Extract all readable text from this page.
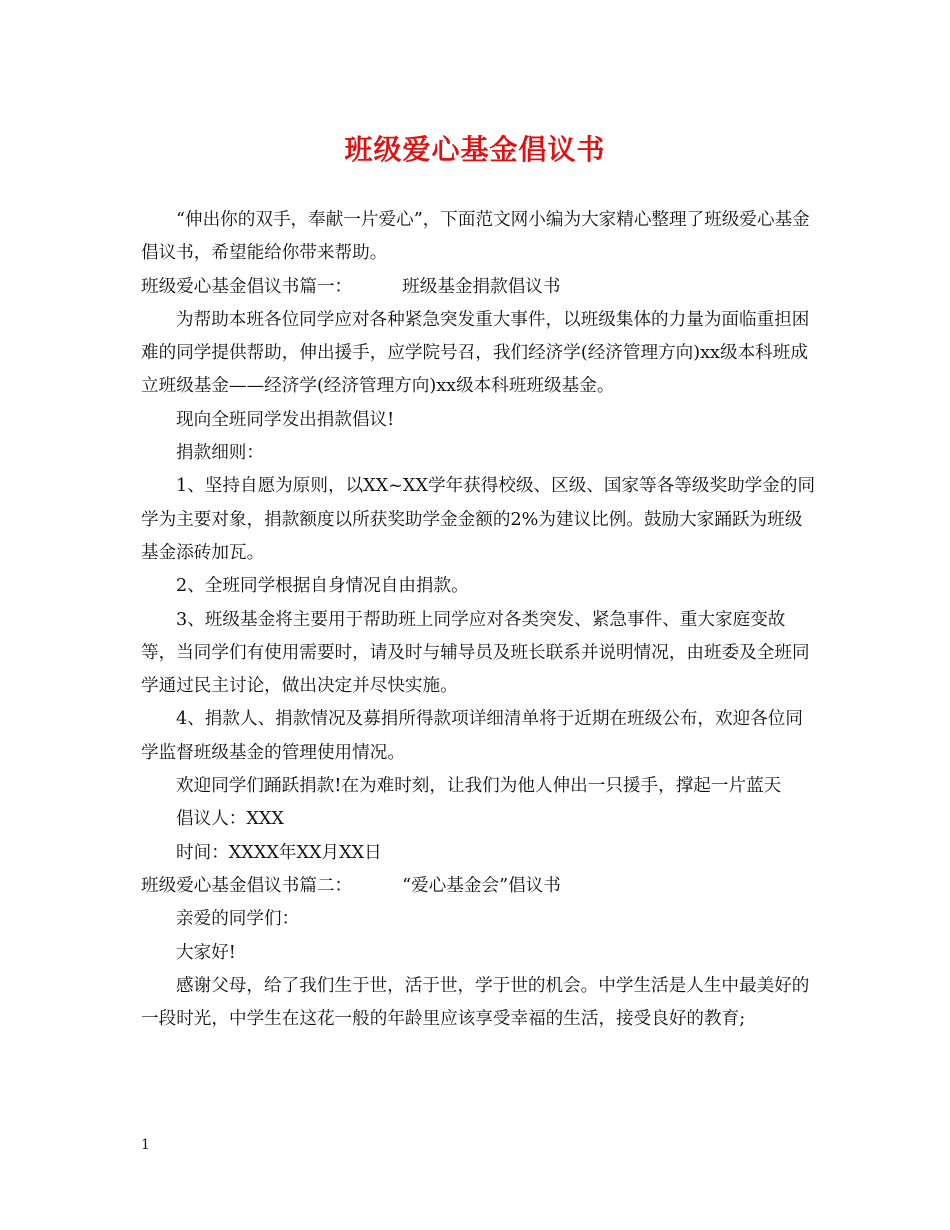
班级爱心基金倡议书

“伸出你的双手，奉献一片爱心”，下面范文网小编为大家精心整理了班级爱心基金倡议书，希望能给你带来帮助。

班级爱心基金倡议书篇一：	班级基金捐款倡议书

为帮助本班各位同学应对各种紧急突发重大事件，以班级集体的力量为面临重担困难的同学提供帮助，伸出援手，应学院号召，我们经济学(经济管理方向)xx级本科班成立班级基金——经济学(经济管理方向)xx级本科班班级基金。

现向全班同学发出捐款倡议!

捐款细则：

1、坚持自愿为原则，以XX~XX学年获得校级、区级、国家等各等级奖助学金的同学为主要对象，捐款额度以所获奖助学金金额的2%为建议比例。鼓励大家踊跃为班级基金添砖加瓦。

2、全班同学根据自身情况自由捐款。

3、班级基金将主要用于帮助班上同学应对各类突发、紧急事件、重大家庭变故等，当同学们有使用需要时，请及时与辅导员及班长联系并说明情况，由班委及全班同学通过民主讨论，做出决定并尽快实施。

4、捐款人、捐款情况及募捐所得款项详细清单将于近期在班级公布，欢迎各位同学监督班级基金的管理使用情况。

欢迎同学们踊跃捐款!在为难时刻，让我们为他人伸出一只援手，撑起一片蓝天

倡议人：XXX

时间：XXXX年XX月XX日

班级爱心基金倡议书篇二：	“爱心基金会”倡议书

亲爱的同学们：

大家好!

感谢父母，给了我们生于世，活于世，学于世的机会。中学生活是人生中最美好的一段时光，中学生在这花一般的年龄里应该享受幸福的生活，接受良好的教育;

1
